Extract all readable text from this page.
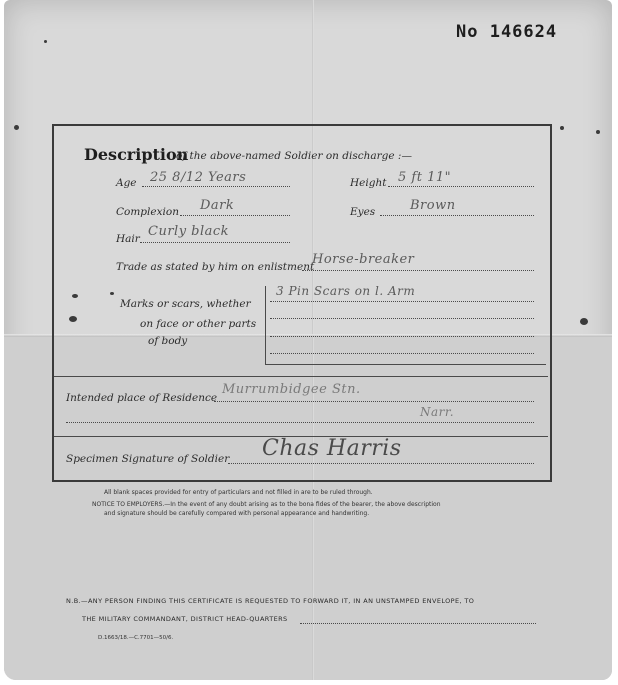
No 146624
Description
of the above-named Soldier on discharge :—
Age 25 8/12 Years	Height 5 ft 11"
Complexion Dark	Eyes	Brown
Hair Curly black
Trade as stated by him on enlistment
Horse-breaker
Marks or scars, whether
on face or other parts
of body
3 Pin Scars on l. Arm
Intended place of Residence
Murrumbidgee Stn.
Narr.
Specimen Signature of Soldier Chas Harris
All blank spaces provided for entry of particulars and not filled in are to be ruled through.
NOTICE TO EMPLOYERS.—In the event of any doubt arising as to the bona fides of the bearer, the above description
and signature should be carefully compared with personal appearance and handwriting.
N.B.—ANY PERSON FINDING THIS CERTIFICATE IS REQUESTED TO FORWARD IT, IN AN UNSTAMPED ENVELOPE, TO
THE MILITARY COMMANDANT, DISTRICT HEAD-QUARTERS
D.1663/18.—C.7701—50/6.
